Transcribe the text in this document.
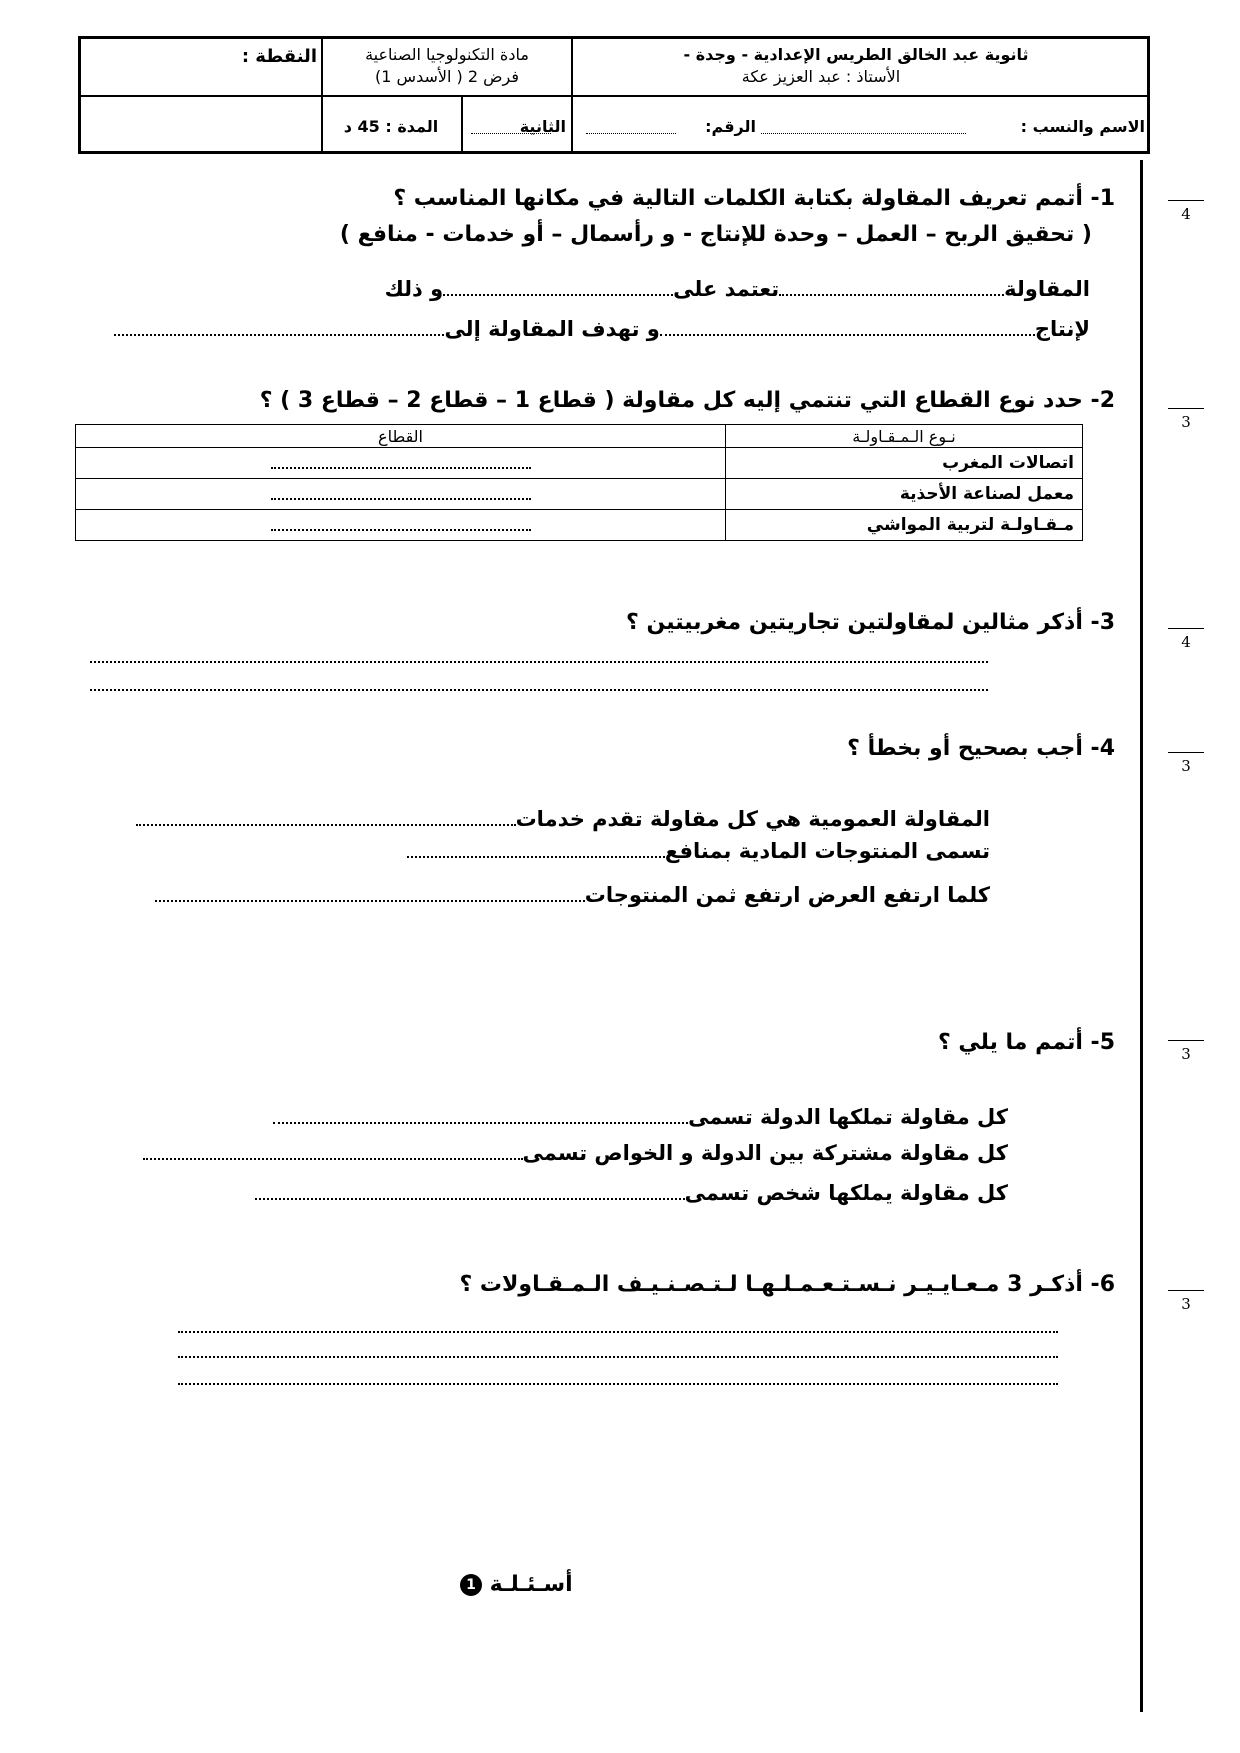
ثانوية عبد الخالق الطريس الإعدادية - وجدة -
الأستاذ : عبد العزيز عكة
مادة التكنولوجيا الصناعية
فرض 2 ( الأسدس 1)
النقطة :
الاسم والنسب :
الرقم:
الثانية
المدة : 45 د
4
1- أتمم تعريف المقاولة بكتابة الكلمات التالية في مكانها المناسب ؟
( تحقيق الربح – العمل – وحدة للإنتاج - و رأسمال – أو خدمات - منافع )
المقاولةتعتمد علىو ذلك
لإنتاجو تهدف المقاولة إلى
3
2- حدد نوع القطاع التي تنتمي إليه كل مقاولة ( قطاع 1 – قطاع 2 – قطاع 3 ) ؟
نـوع الـمـقـاولـة	القطاع
اتصالات المغرب	

معمل لصناعة الأحذية	

مـقـاولـة لتربية المواشي	
4
3- أذكر مثالين لمقاولتين تجاريتين مغربيتين ؟
3
4- أجب بصحيح أو بخطأ ؟
المقاولة العمومية هي كل مقاولة تقدم خدمات
تسمى المنتوجات المادية بمنافع
كلما ارتفع العرض ارتفع ثمن المنتوجات
3
5- أتمم ما يلي ؟
كل مقاولة تملكها الدولة تسمى
كل مقاولة مشتركة بين الدولة و الخواص تسمى
كل مقاولة يملكها شخص تسمى
3
6- أذكـر 3 مـعـايـيـر نـسـتـعـمـلـهـا لـتـصـنـيـف الـمـقـاولات ؟
أسـئـلـة 1
